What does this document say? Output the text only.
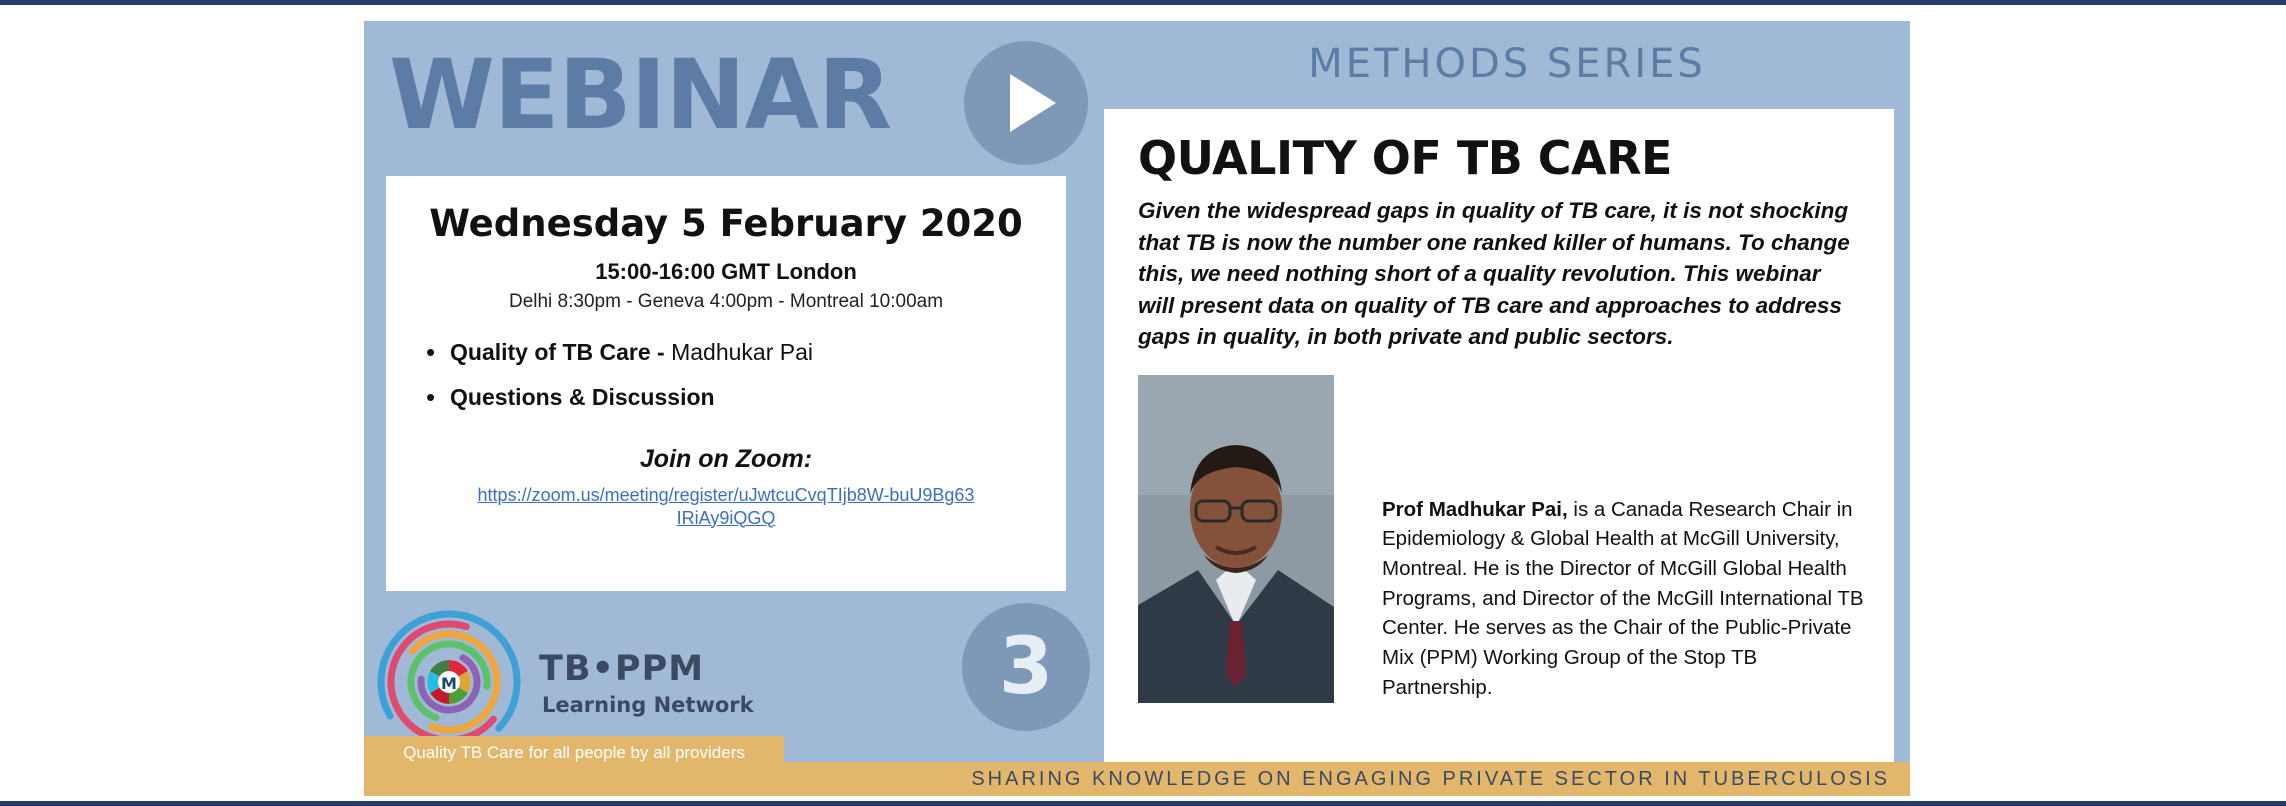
WEBINAR
Wednesday 5 February 2020
15:00-16:00 GMT London
Delhi 8:30pm - Geneva 4:00pm - Montreal 10:00am
• Quality of TB Care - Madhukar Pai
• Questions & Discussion
Join on Zoom:
https://zoom.us/meeting/register/uJwtcuCvqTIjb8W-buU9Bg63IRiAy9iQGQ
M TB•PPM
Learning Network
Quality TB Care for all people by all providers
3
METHODS SERIES
QUALITY OF TB CARE
Given the widespread gaps in quality of TB care, it is not shocking that TB is now the number one ranked killer of humans. To change this, we need nothing short of a quality revolution. This webinar will present data on quality of TB care and approaches to address gaps in quality, in both private and public sectors.
Prof Madhukar Pai, is a Canada Research Chair in Epidemiology & Global Health at McGill University, Montreal. He is the Director of McGill Global Health Programs, and Director of the McGill International TB Center. He serves as the Chair of the Public-Private Mix (PPM) Working Group of the Stop TB Partnership.
SHARING KNOWLEDGE ON ENGAGING PRIVATE SECTOR IN TUBERCULOSIS
